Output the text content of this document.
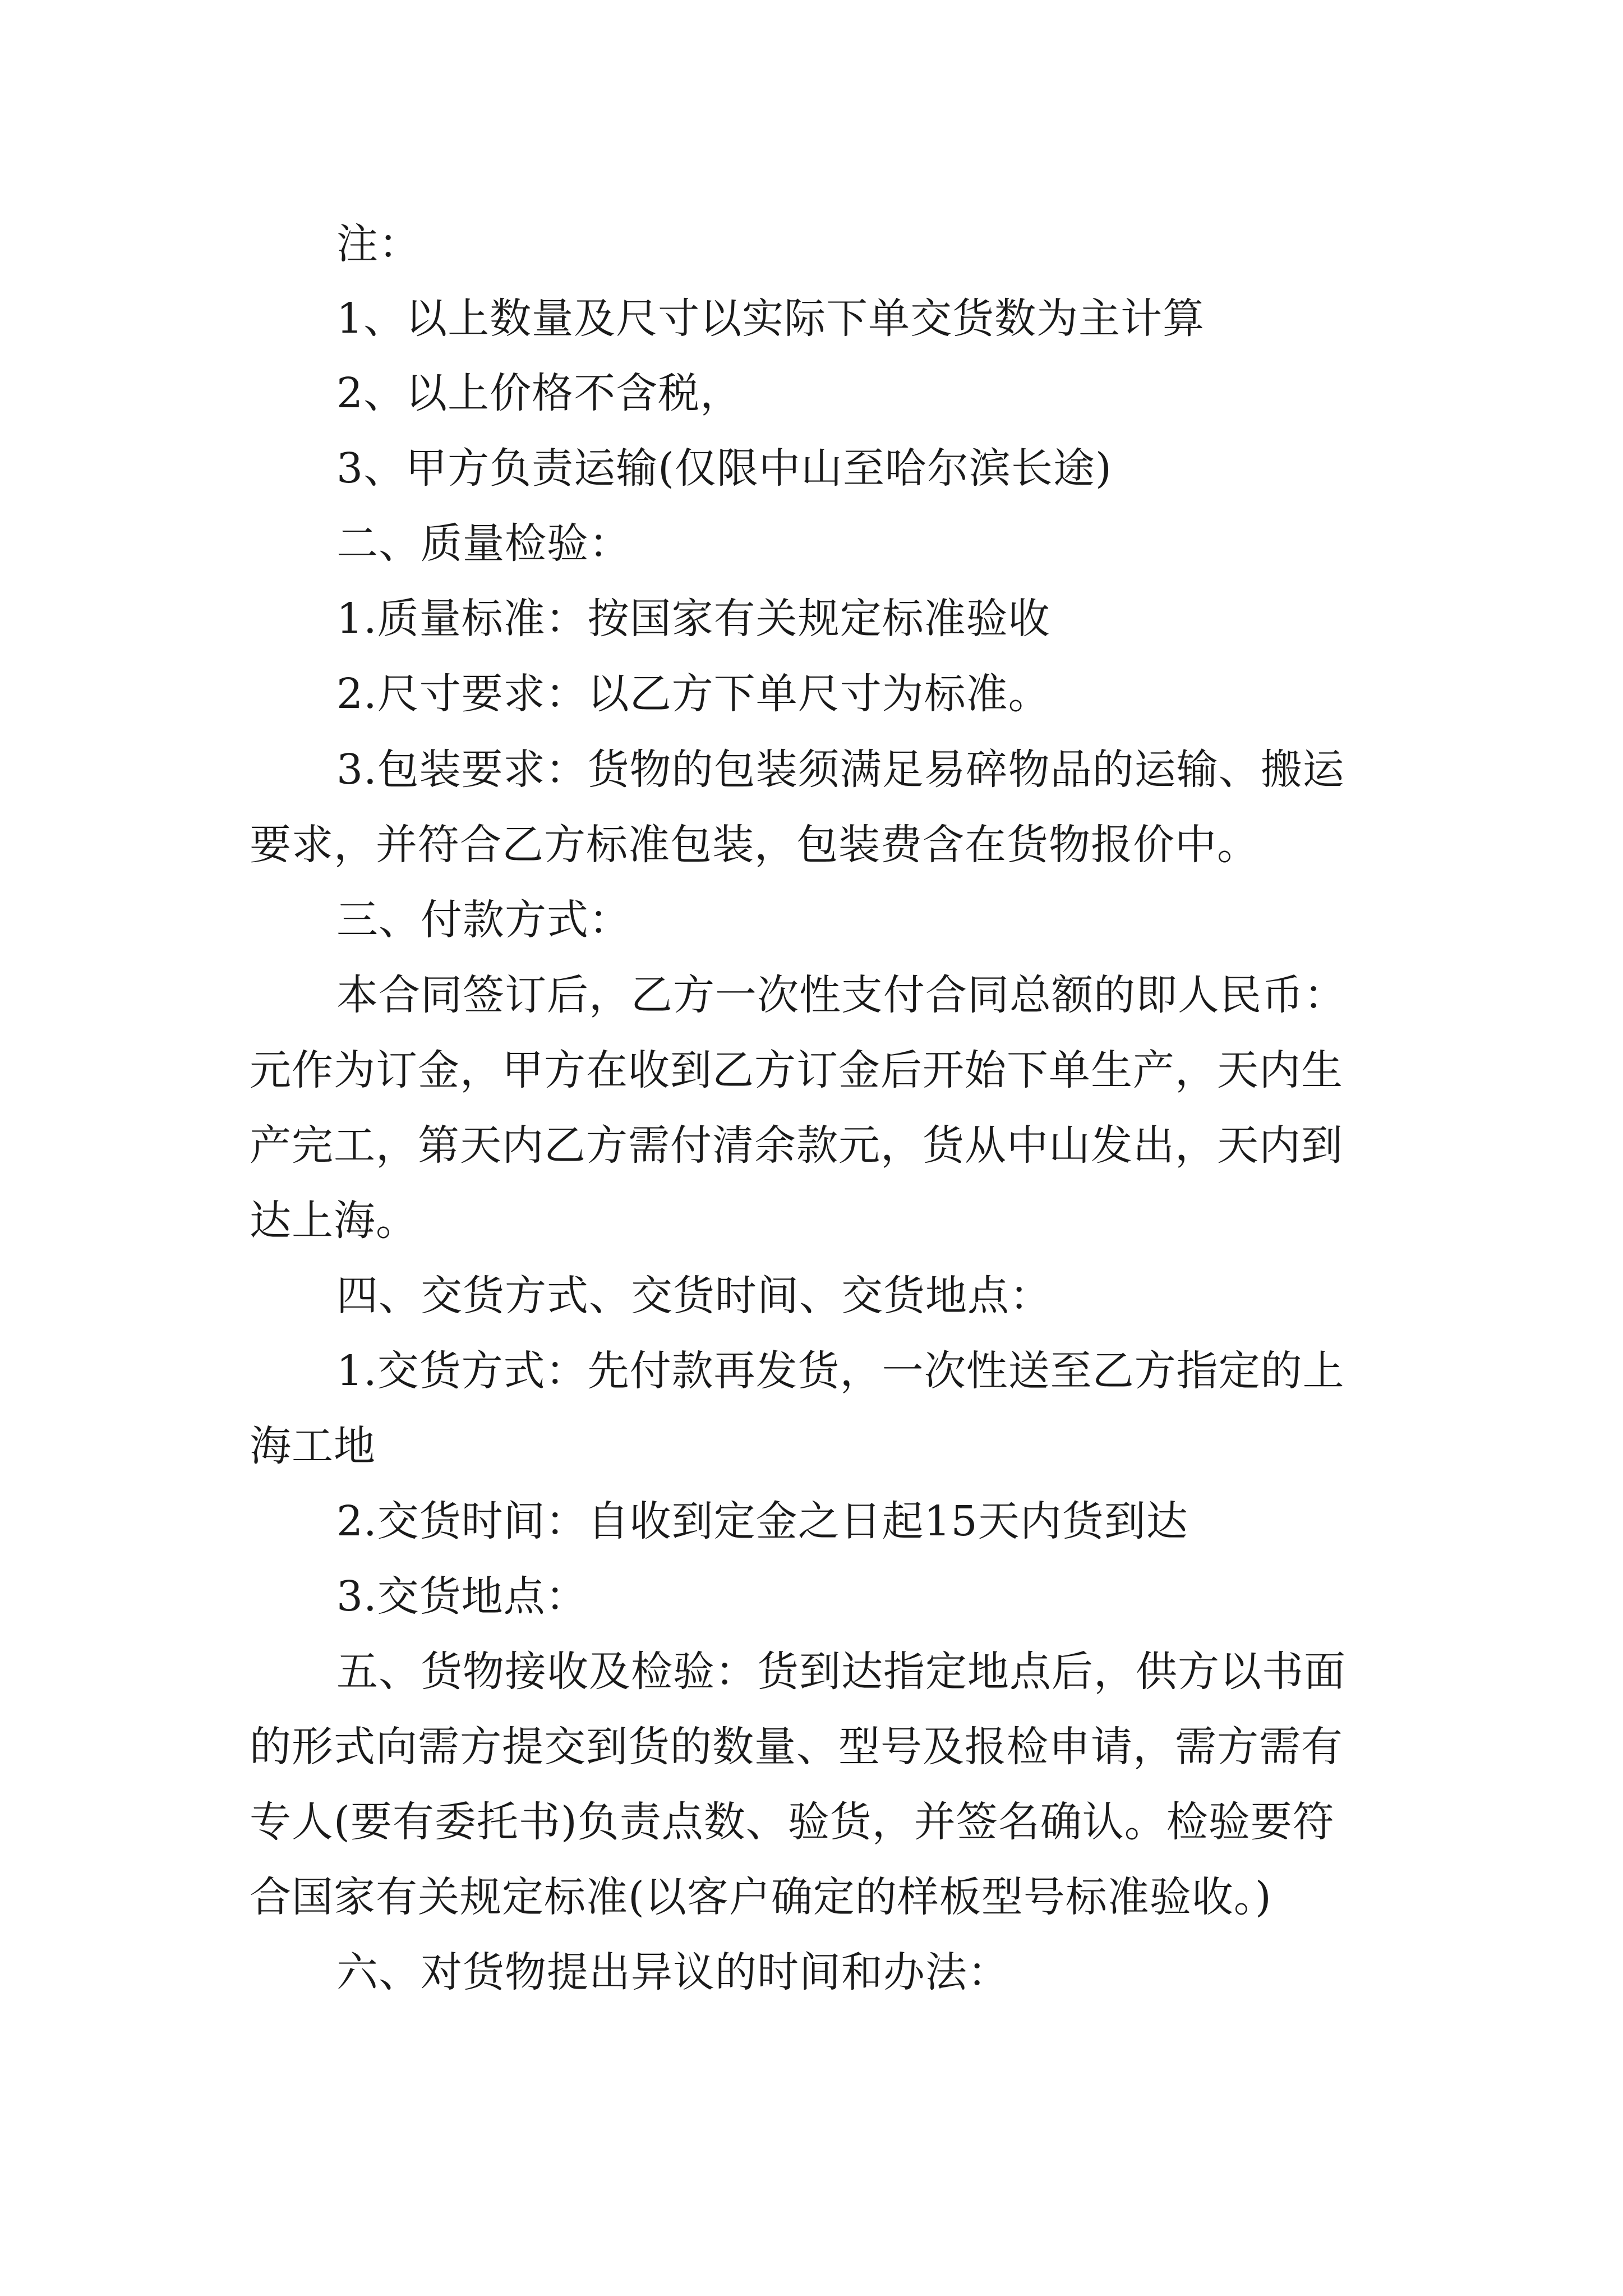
注：
1、以上数量及尺寸以实际下单交货数为主计算
2、以上价格不含税，
3、甲方负责运输(仅限中山至哈尔滨长途)
二、质量检验：
1.质量标准：按国家有关规定标准验收
2.尺寸要求：以乙方下单尺寸为标准。
3.包装要求：货物的包装须满足易碎物品的运输、搬运
要求，并符合乙方标准包装，包装费含在货物报价中。
三、付款方式：
本合同签订后，乙方一次性支付合同总额的即人民币：
元作为订金，甲方在收到乙方订金后开始下单生产，天内生
产完工，第天内乙方需付清余款元，货从中山发出，天内到
达上海。
四、交货方式、交货时间、交货地点：
1.交货方式：先付款再发货，一次性送至乙方指定的上
海工地
2.交货时间：自收到定金之日起15天内货到达
3.交货地点：
五、货物接收及检验：货到达指定地点后，供方以书面
的形式向需方提交到货的数量、型号及报检申请，需方需有
专人(要有委托书)负责点数、验货，并签名确认。检验要符
合国家有关规定标准(以客户确定的样板型号标准验收。)
六、对货物提出异议的时间和办法：
